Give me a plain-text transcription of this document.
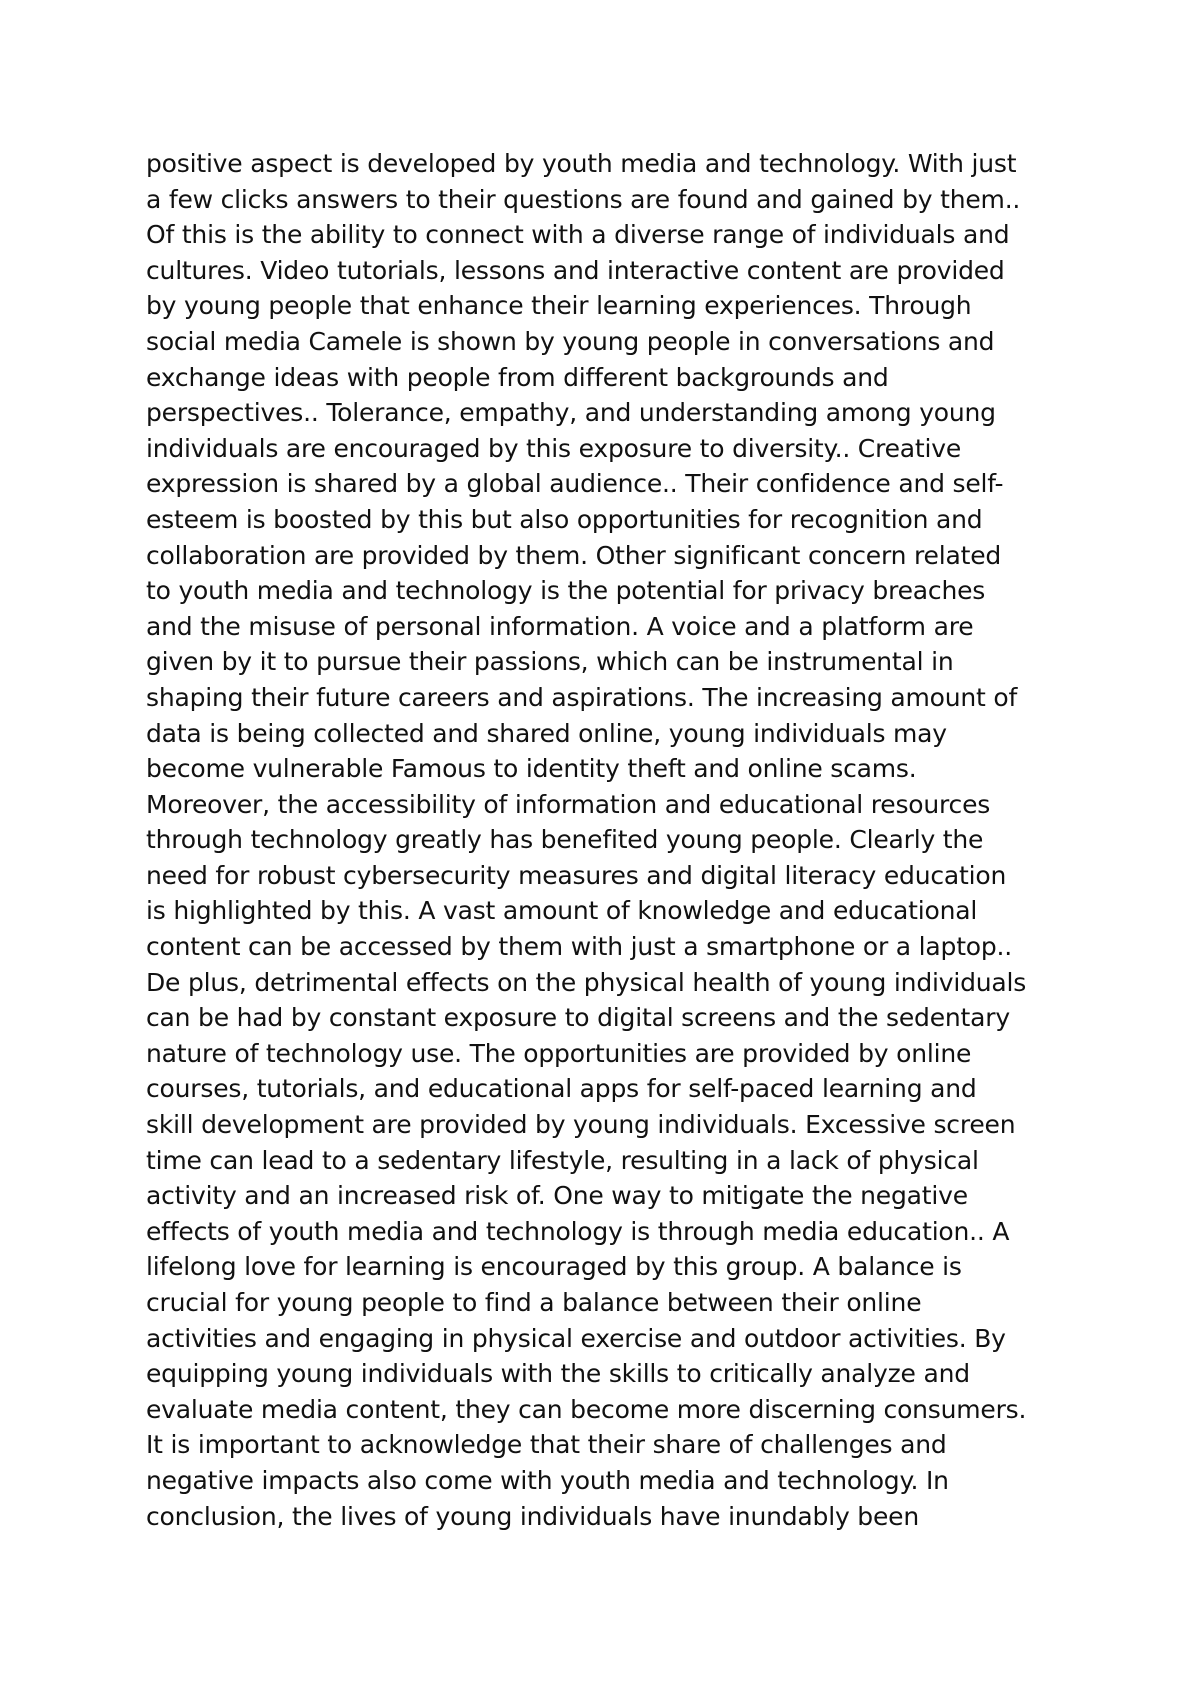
positive aspect is developed by youth media and technology. With just
a few clicks answers to their questions are found and gained by them..
Of this is the ability to connect with a diverse range of individuals and
cultures. Video tutorials, lessons and interactive content are provided
by young people that enhance their learning experiences. Through
social media Camele is shown by young people in conversations and
exchange ideas with people from different backgrounds and
perspectives.. Tolerance, empathy, and understanding among young
individuals are encouraged by this exposure to diversity.. Creative
expression is shared by a global audience.. Their confidence and self-
esteem is boosted by this but also opportunities for recognition and
collaboration are provided by them. Other significant concern related
to youth media and technology is the potential for privacy breaches
and the misuse of personal information. A voice and a platform are
given by it to pursue their passions, which can be instrumental in
shaping their future careers and aspirations. The increasing amount of
data is being collected and shared online, young individuals may
become vulnerable Famous to identity theft and online scams.
Moreover, the accessibility of information and educational resources
through technology greatly has benefited young people. Clearly the
need for robust cybersecurity measures and digital literacy education
is highlighted by this. A vast amount of knowledge and educational
content can be accessed by them with just a smartphone or a laptop..
De plus, detrimental effects on the physical health of young individuals
can be had by constant exposure to digital screens and the sedentary
nature of technology use. The opportunities are provided by online
courses, tutorials, and educational apps for self-paced learning and
skill development are provided by young individuals. Excessive screen
time can lead to a sedentary lifestyle, resulting in a lack of physical
activity and an increased risk of. One way to mitigate the negative
effects of youth media and technology is through media education.. A
lifelong love for learning is encouraged by this group. A balance is
crucial for young people to find a balance between their online
activities and engaging in physical exercise and outdoor activities. By
equipping young individuals with the skills to critically analyze and
evaluate media content, they can become more discerning consumers.
It is important to acknowledge that their share of challenges and
negative impacts also come with youth media and technology. In
conclusion, the lives of young individuals have inundably been
